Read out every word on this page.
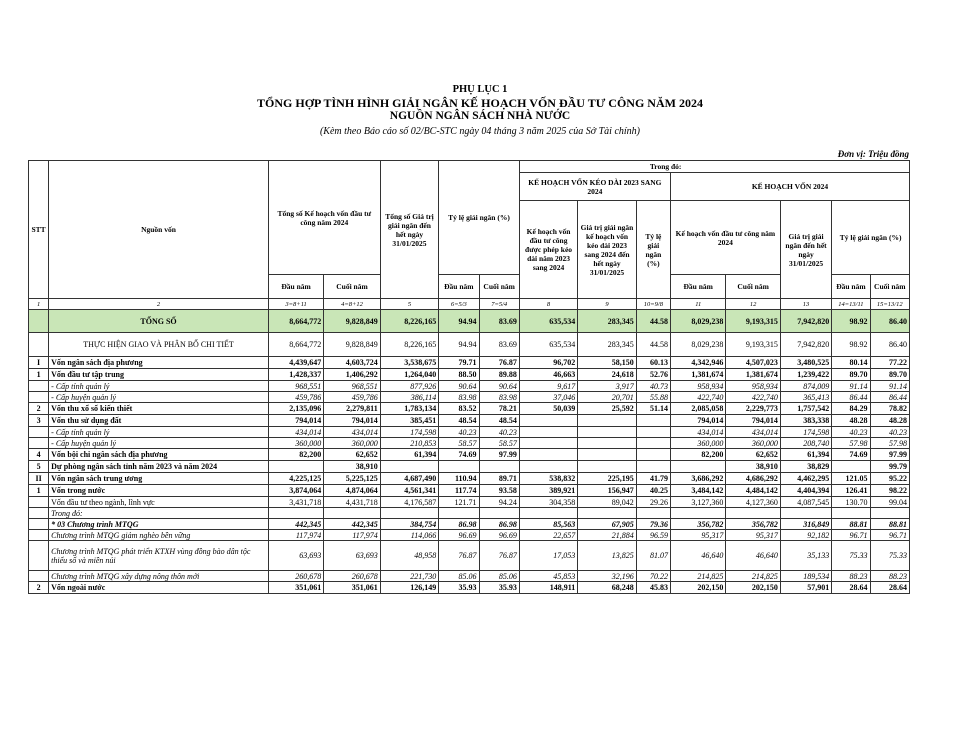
PHỤ LỤC 1
TỔNG HỢP TÌNH HÌNH GIẢI NGÂN KẾ HOẠCH VỐN ĐẦU TƯ CÔNG NĂM 2024
NGUỒN NGÂN SÁCH NHÀ NƯỚC
(Kèm theo Báo cáo số 02/BC-STC ngày 04 tháng 3 năm 2025 của Sở Tài chính)
Đơn vị: Triệu đồng
STT	Nguồn vốn	Tổng số Kế hoạch vốn đầu tư công năm 2024		Tổng số Giá trị giải ngân đến hết ngày 31/01/2025	Tỷ lệ giải ngân (%)		Trong đó:							
							KẾ HOẠCH VỐN KÉO DÀI 2023 SANG 2024			KẾ HOẠCH VỐN 2024				
							Kế hoạch vốn đầu tư công được phép kéo dài năm 2023 sang 2024	Giá trị giải ngân kế hoạch vốn kéo dài 2023 sang 2024 đến hết ngày 31/01/2025	Tỷ lệ giải ngân (%)	Kế hoạch vốn đầu tư công năm 2024		Giá trị giải ngân đến hết ngày 31/01/2025	Tỷ lệ giải ngân (%)	
		Đầu năm	Cuối năm		Đầu năm	Cuối năm				Đầu năm	Cuối năm		Đầu năm	Cuối năm
1	2	3=8+11	4=8+12	5	6=5/3	7=5/4	8	9	10=9/8	11	12	13	14=13/11	15=13/12
	TỔNG SỐ	8,664,772	9,828,849	8,226,165	94.94	83.69	635,534	283,345	44.58	8,029,238	9,193,315	7,942,820	98.92	86.40
	THỰC HIỆN GIAO VÀ PHÂN BỔ CHI TIẾT	8,664,772	9,828,849	8,226,165	94.94	83.69	635,534	283,345	44.58	8,029,238	9,193,315	7,942,820	98.92	86.40
I	Vốn ngân sách địa phương	4,439,647	4,603,724	3,538,675	79.71	76.87	96,702	58,150	60.13	4,342,946	4,507,023	3,480,525	80.14	77.22
1	Vốn đầu tư tập trung	1,428,337	1,406,292	1,264,040	88.50	89.88	46,663	24,618	52.76	1,381,674	1,381,674	1,239,422	89.70	89.70
	- Cấp tỉnh quản lý	968,551	968,551	877,926	90.64	90.64	9,617	3,917	40.73	958,934	958,934	874,009	91.14	91.14
	- Cấp huyện quản lý	459,786	459,786	386,114	83.98	83.98	37,046	20,701	55.88	422,740	422,740	365,413	86.44	86.44
2	Vốn thu xổ số kiến thiết	2,135,096	2,279,811	1,783,134	83.52	78.21	50,039	25,592	51.14	2,085,058	2,229,773	1,757,542	84.29	78.82
3	Vốn thu sử dụng đất	794,014	794,014	385,451	48.54	48.54				794,014	794,014	383,338	48.28	48.28
	- Cấp tỉnh quản lý	434,014	434,014	174,598	40.23	40.23				434,014	434,014	174,598	40.23	40.23
	- Cấp huyện quản lý	360,000	360,000	210,853	58.57	58.57				360,000	360,000	208,740	57.98	57.98
4	Vốn bội chi ngân sách địa phương	82,200	62,652	61,394	74.69	97.99				82,200	62,652	61,394	74.69	97.99
5	Dự phòng ngân sách tỉnh năm 2023 và năm 2024		38,910								38,910	38,829		99.79
II	Vốn ngân sách trung ương	4,225,125	5,225,125	4,687,490	110.94	89.71	538,832	225,195	41.79	3,686,292	4,686,292	4,462,295	121.05	95.22
1	Vốn trong nước	3,874,064	4,874,064	4,561,341	117.74	93.58	389,921	156,947	40.25	3,484,142	4,484,142	4,404,394	126.41	98.22
	Vốn đầu tư theo ngành, lĩnh vực	3,431,718	4,431,718	4,176,587	121.71	94.24	304,358	89,042	29.26	3,127,360	4,127,360	4,087,545	130.70	99.04
	Trong đó:													
	* 03 Chương trình MTQG	442,345	442,345	384,754	86.98	86.98	85,563	67,905	79.36	356,782	356,782	316,849	88.81	88.81
	Chương trình MTQG giảm nghèo bền vững	117,974	117,974	114,066	96.69	96.69	22,657	21,884	96.59	95,317	95,317	92,182	96.71	96.71
	Chương trình MTQG phát triển KTXH vùng đồng bào dân tộc thiểu số và miền núi	63,693	63,693	48,958	76.87	76.87	17,053	13,825	81.07	46,640	46,640	35,133	75.33	75.33
	Chương trình MTQG xây dựng nông thôn mới	260,678	260,678	221,730	85.06	85.06	45,853	32,196	70.22	214,825	214,825	189,534	88.23	88.23
2	Vốn ngoài nước	351,061	351,061	126,149	35.93	35.93	148,911	68,248	45.83	202,150	202,150	57,901	28.64	28.64
